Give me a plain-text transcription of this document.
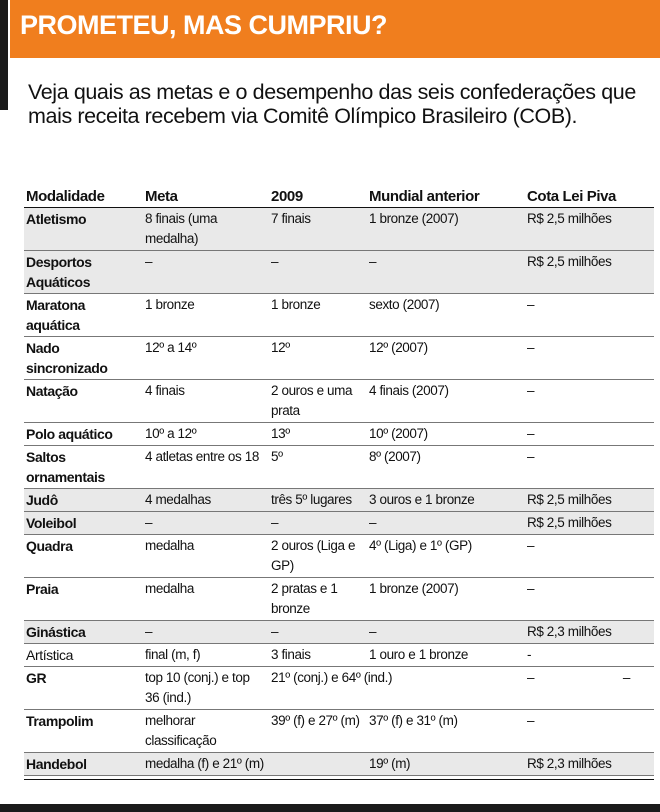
PROMETEU, MAS CUMPRIU?
Veja quais as metas e o desempenho das seis confederações que mais receita recebem via Comitê Olímpico Brasileiro (COB).
Modalidade	Meta	2009	Mundial anterior	Cota Lei Piva
Atletismo	8 finais (uma medalha)	7 finais	1 bronze (2007)	R$ 2,5 milhões
Desportos Aquáticos	–	–	–	R$ 2,5 milhões
Maratona aquática	1 bronze	1 bronze	sexto (2007)	–
Nado sincronizado	12º a 14º	12º	12º (2007)	–
Natação	4 finais	2 ouros e uma prata	4 finais (2007)	–
Polo aquático	10º a 12º	13º	10º (2007)	–
Saltos ornamentais	4 atletas entre os 18	5º	8º (2007)	–
Judô	4 medalhas	três 5º lugares	3 ouros e 1 bronze	R$ 2,5 milhões
Voleibol	–	–	–	R$ 2,5 milhões
Quadra	medalha	2 ouros (Liga e GP)	4º (Liga) e 1º (GP)	–
Praia	medalha	2 pratas e 1 bronze	1 bronze (2007)	–
Ginástica	–	–	–	R$ 2,3 milhões
Artística	final (m, f)	3 finais	1 ouro e 1 bronze	-
GR	top 10 (conj.) e top 36 (ind.)	21º (conj.) e 64º (ind.)		– –

Trampolim	melhorar classificação	39º (f) e 27º (m)	37º (f) e 31º (m)	–
Handebol	medalha (f) e 21º (m)		19º (m)	R$ 2,3 milhões
